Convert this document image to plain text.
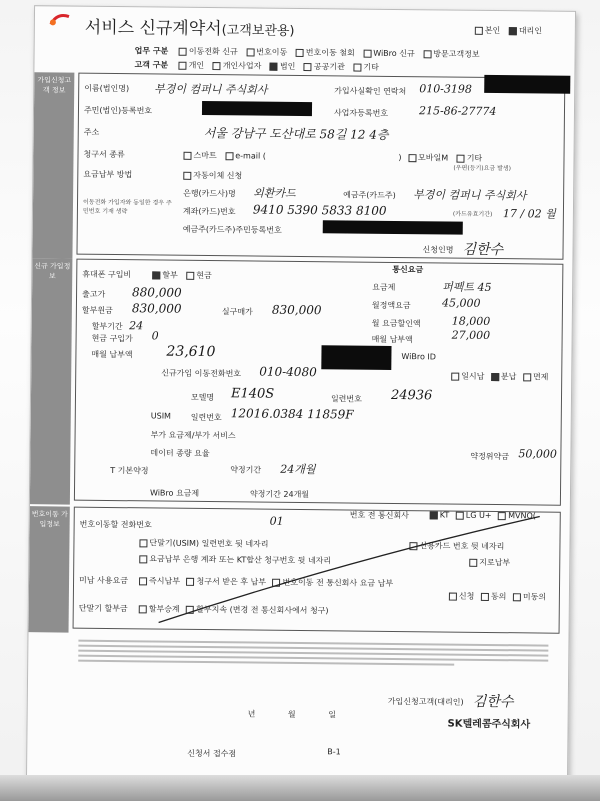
서비스 신규계약서(고객보관용)	본인 대리인
업무 구분	이동전화 신규 번호이동 번호이동 철회 WiBro 신규 방문고객정보
고객 구분	개인 개인사업자 법인 공공기관 기타
가입신청고객 정보	이름(법인명) 부경이 컴퍼니 주식회사	가입사실확인 연락처 010-3198
주민(법인)등록번호	사업자등록번호	215-86-27774
주소	서울 강남구 도산대로 58길 12 4층
청구서 종류	스마트 e-mail (	) 모바일M 기타
(우편(등기)요금 발생)
요금납부 방법	자동이체 신청
이동전화 가입자와 동일한 경우 주민번호 기재 생략
은행(카드사)명 외환카드	예금주(카드주) 부경이 컴퍼니 주식회사
계좌(카드)번호 9410 5390 5833 8100	(카드유효기간) 17 / 02 월
예금주(카드주)주민등록번호
신청인명 김한수
신규 가입정보	휴대폰 구입비	할부 현금
출고가 880,000
할부원금 830,000	실구매가 830,000
할부기간 24
현금 구입가 0
매월 납부액 23,610
통신요금
요금제	퍼펙트 45
월정액요금	45,000
월 요금할인액	18,000
매월 납부액	27,000
신규가입 이동전화번호 010-4080
WiBro ID
일시납 분납 면제
모델명 E140S	일련번호 24936
USIM 일련번호 12016.0384 11859F
부가 요금제/부가 서비스
데이터 종량 요율
T 기본약정	약정기간 24개월
약정위약금 50,000
WiBro 요금제	약정기간 24개월
번호이동 가입정보	번호이동할 전화번호	01	번호 전 통신회사	KT LG U+ MVNO(
단말기(USIM) 일련번호 뒷 네자리	신용카드 번호 뒷 네자리
요금납부 은행 계좌 또는 KT합산 청구번호 뒷 네자리	지로납부
미납 사용요금	즉시납부 청구서 받은 후 납부 번호이동 전 통신회사 요금 납부
신청 동의 미동의
단말기 할부금	할부승계 할부지속 (변경 전 통신회사에서 청구)
가입신청고객(대리인) 김한수
년	월	일
SK텔레콤주식회사
신청서 접수점	B-1
